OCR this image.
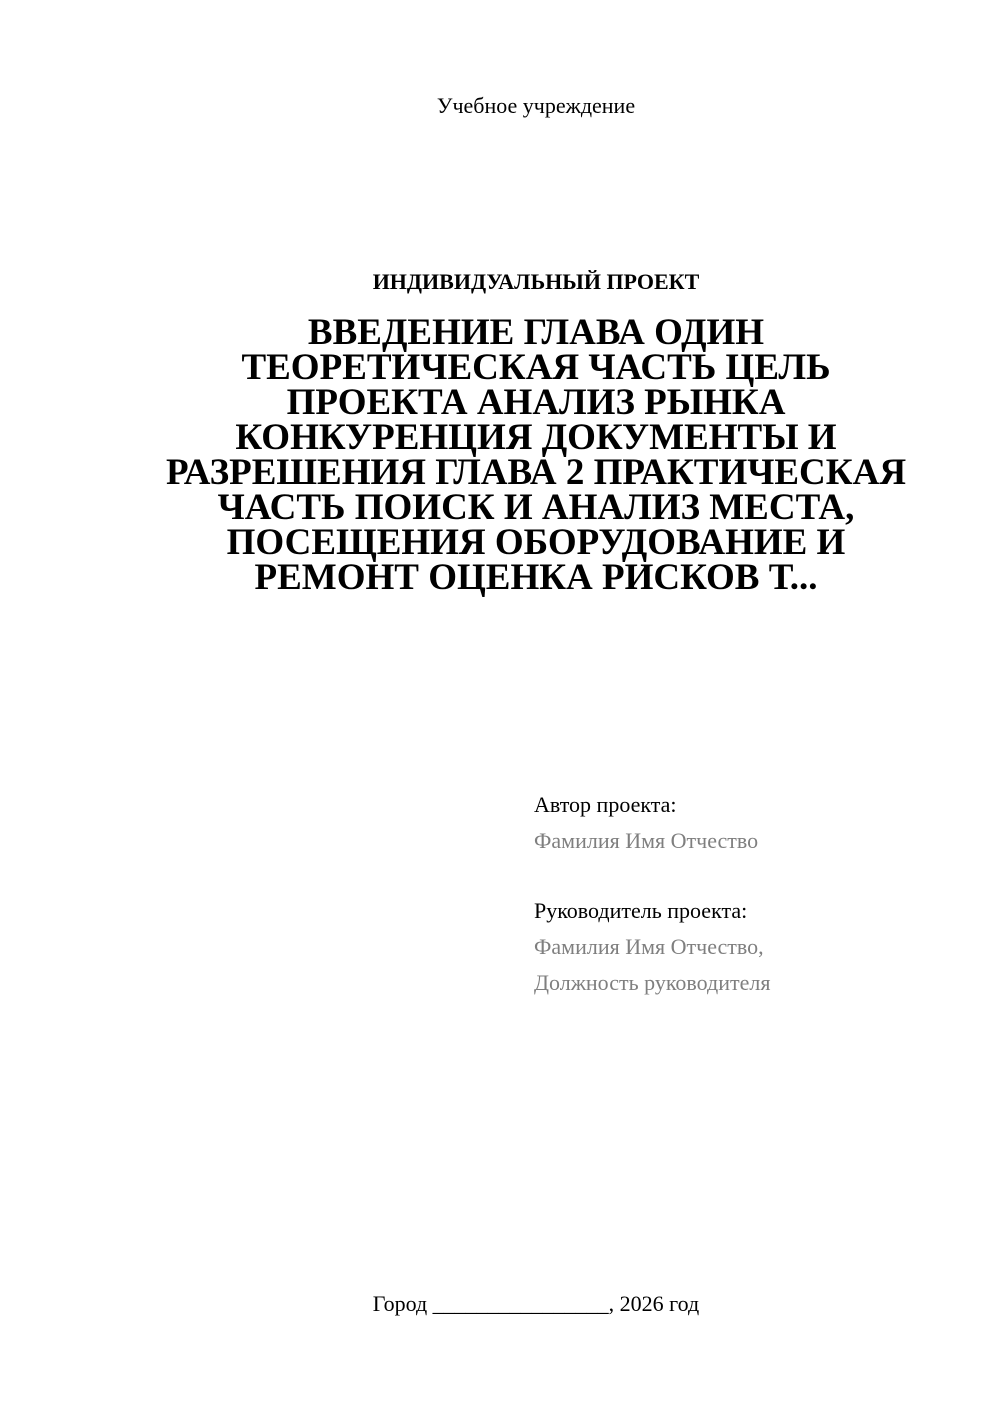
Учебное учреждение
ИНДИВИДУАЛЬНЫЙ ПРОЕКТ
ВВЕДЕНИЕ ГЛАВА ОДИН ТЕОРЕТИЧЕСКАЯ ЧАСТЬ ЦЕЛЬ ПРОЕКТА АНАЛИЗ РЫНКА КОНКУРЕНЦИЯ ДОКУМЕНТЫ И РАЗРЕШЕНИЯ ГЛАВА 2 ПРАКТИЧЕСКАЯ ЧАСТЬ ПОИСК И АНАЛИЗ МЕСТА, ПОСЕЩЕНИЯ ОБОРУДОВАНИЕ И РЕМОНТ ОЦЕНКА РИСКОВ Т...
Автор проекта:
Фамилия Имя Отчество
Руководитель проекта:
Фамилия Имя Отчество,
Должность руководителя
Город ________________, 2026 год
